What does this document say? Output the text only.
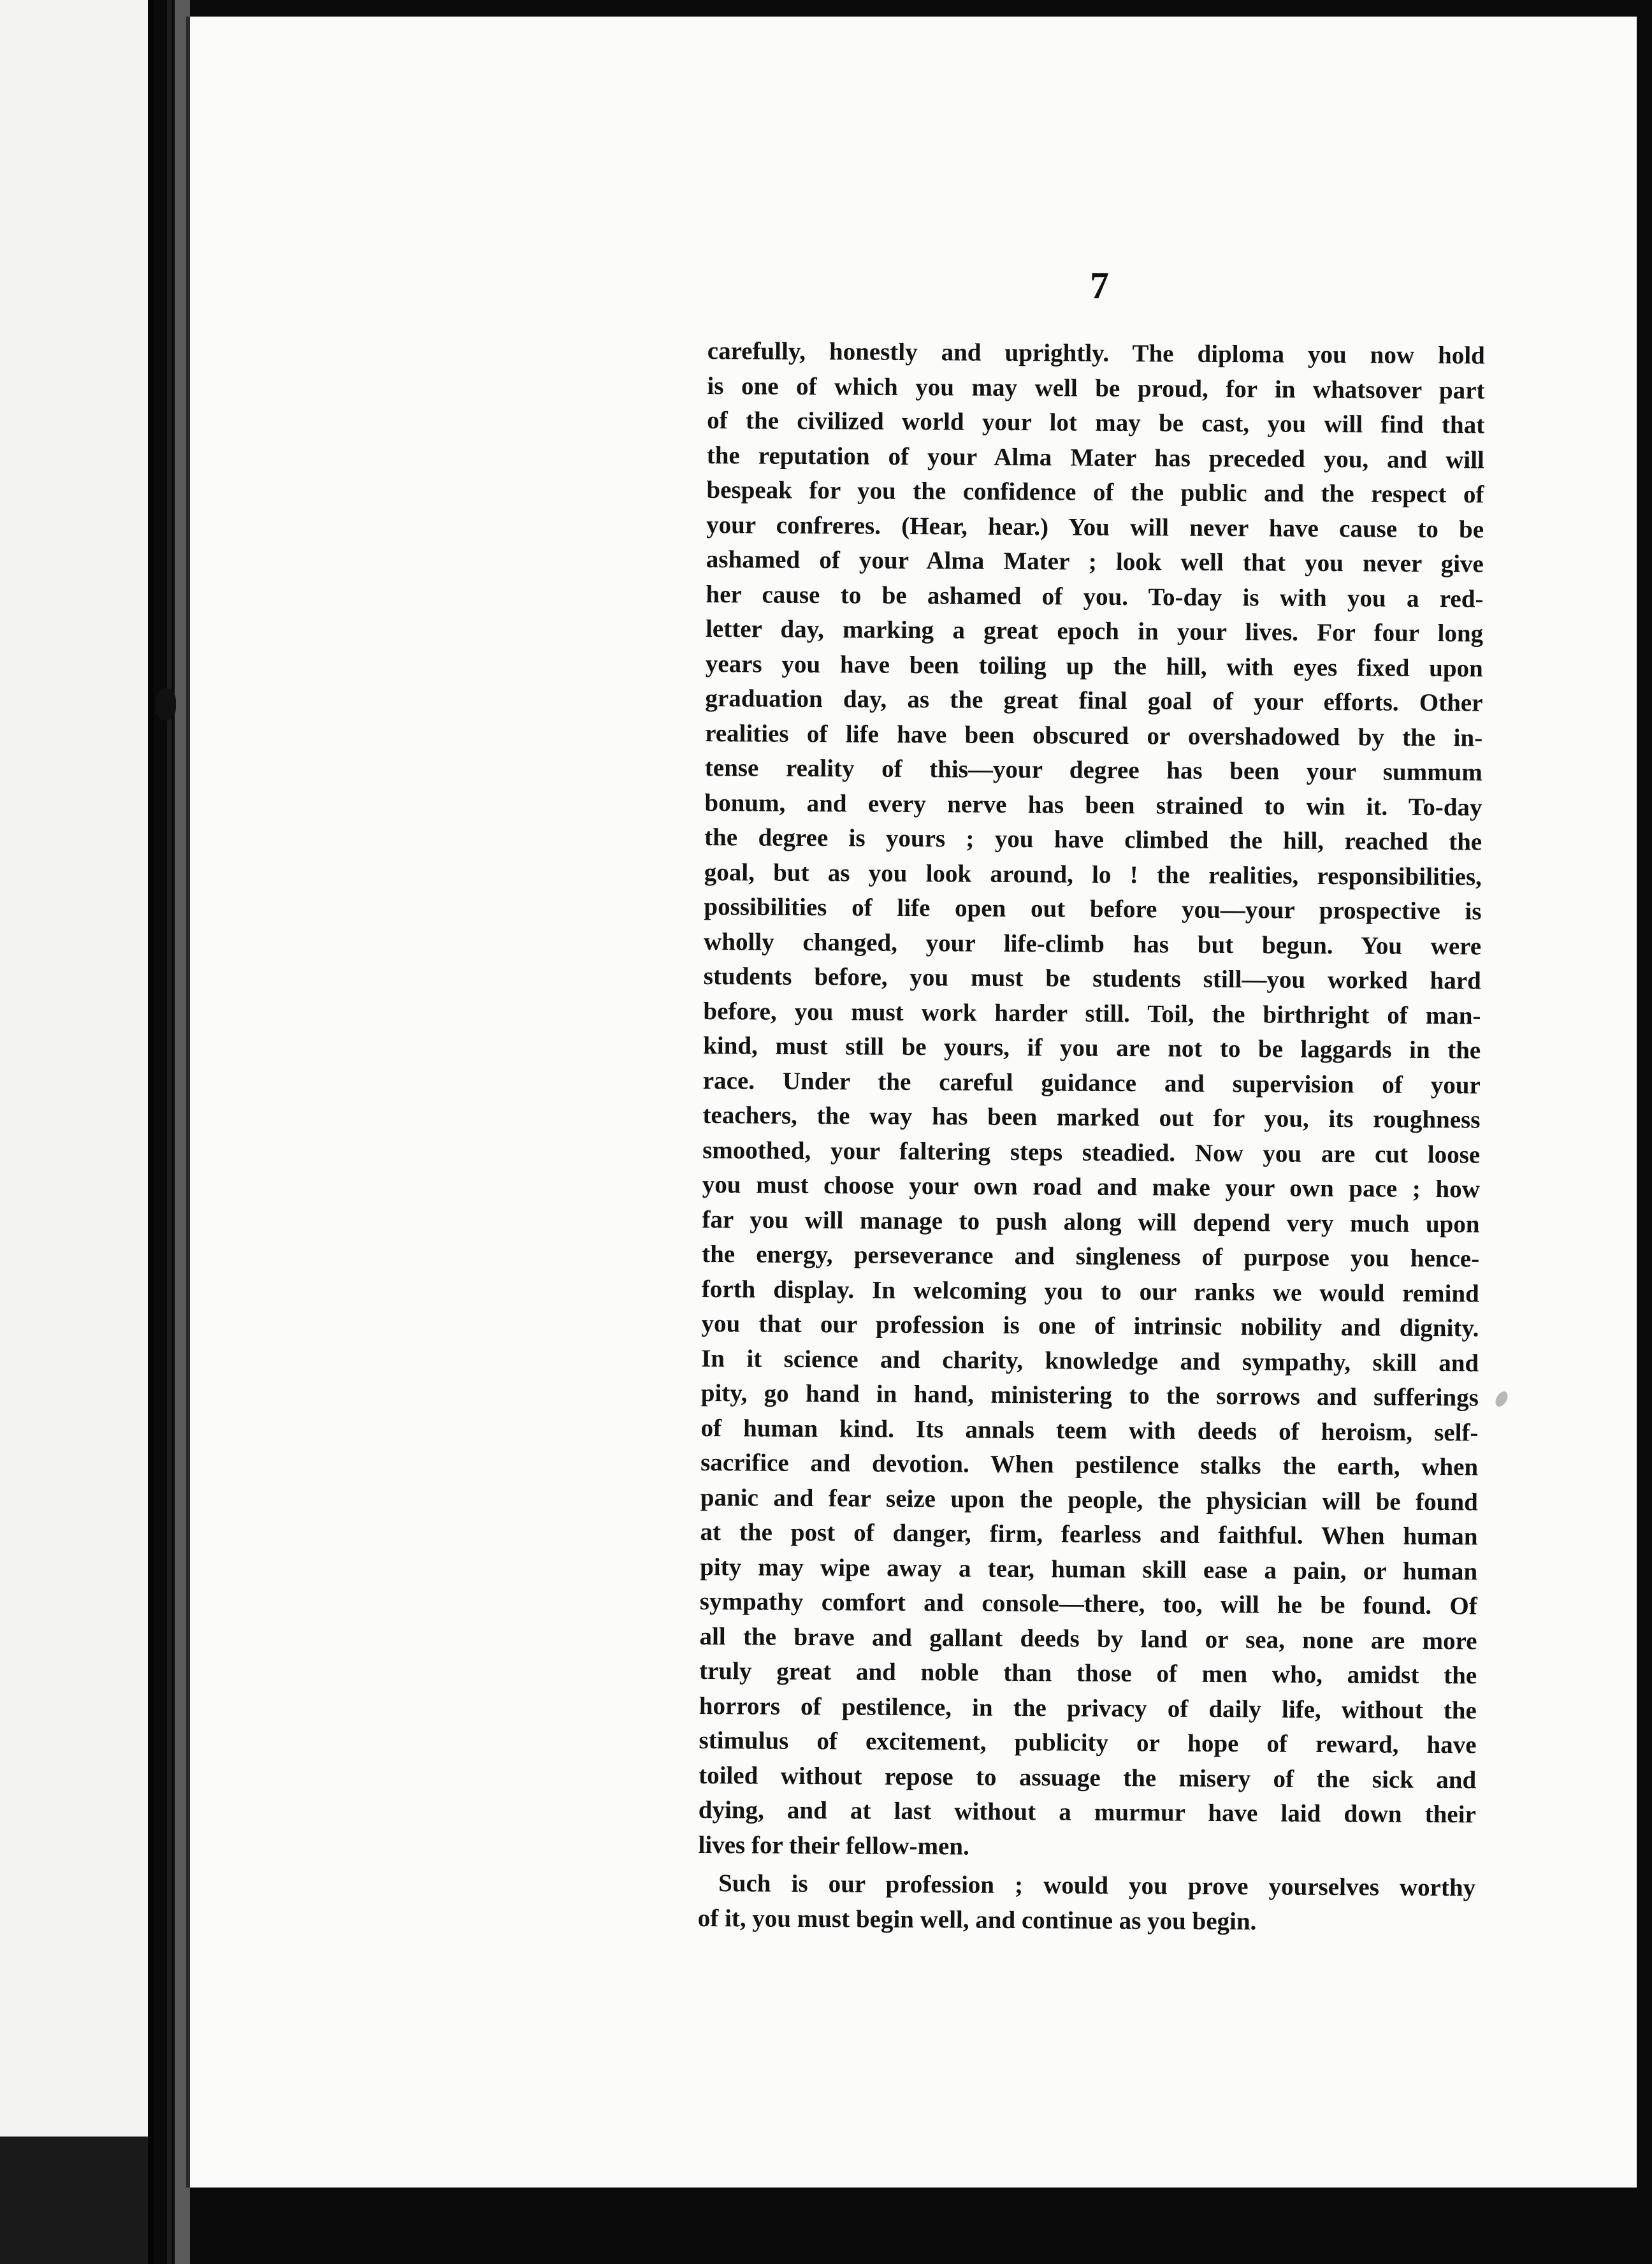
7
carefully, honestly and uprightly. The diploma you now hold
is one of which you may well be proud, for in whatsover part
of the civilized world your lot may be cast, you will find that
the reputation of your Alma Mater has preceded you, and will
bespeak for you the confidence of the public and the respect of
your confreres. (Hear, hear.) You will never have cause to be
ashamed of your Alma Mater ; look well that you never give
her cause to be ashamed of you. To-day is with you a red-
letter day, marking a great epoch in your lives. For four long
years you have been toiling up the hill, with eyes fixed upon
graduation day, as the great final goal of your efforts. Other
realities of life have been obscured or overshadowed by the in-
tense reality of this—your degree has been your summum
bonum, and every nerve has been strained to win it. To-day
the degree is yours ; you have climbed the hill, reached the
goal, but as you look around, lo ! the realities, responsibilities,
possibilities of life open out before you—your prospective is
wholly changed, your life-climb has but begun. You were
students before, you must be students still—you worked hard
before, you must work harder still. Toil, the birthright of man-
kind, must still be yours, if you are not to be laggards in the
race. Under the careful guidance and supervision of your
teachers, the way has been marked out for you, its roughness
smoothed, your faltering steps steadied. Now you are cut loose
you must choose your own road and make your own pace ; how
far you will manage to push along will depend very much upon
the energy, perseverance and singleness of purpose you hence-
forth display. In welcoming you to our ranks we would remind
you that our profession is one of intrinsic nobility and dignity.
In it science and charity, knowledge and sympathy, skill and
pity, go hand in hand, ministering to the sorrows and sufferings
of human kind. Its annals teem with deeds of heroism, self-
sacrifice and devotion. When pestilence stalks the earth, when
panic and fear seize upon the people, the physician will be found
at the post of danger, firm, fearless and faithful. When human
pity may wipe away a tear, human skill ease a pain, or human
sympathy comfort and console—there, too, will he be found. Of
all the brave and gallant deeds by land or sea, none are more
truly great and noble than those of men who, amidst the
horrors of pestilence, in the privacy of daily life, without the
stimulus of excitement, publicity or hope of reward, have
toiled without repose to assuage the misery of the sick and
dying, and at last without a murmur have laid down their
lives for their fellow-men.
Such is our profession ; would you prove yourselves worthy
of it, you must begin well, and continue as you begin.
